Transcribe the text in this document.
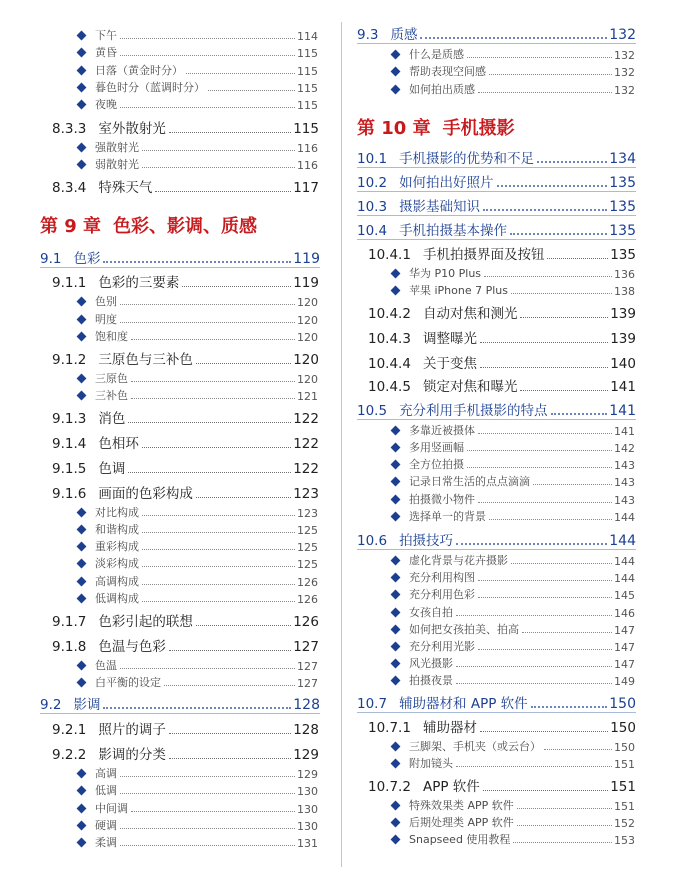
下午	114
黄昏	115
日落（黄金时分）	115
暮色时分（蓝调时分）	115
夜晚	115
8.3.3 室外散射光	115
强散射光	116
弱散射光	116
8.3.4 特殊天气	117
第 9 章 色彩、影调、质感
9.1 色彩	119
9.1.1 色彩的三要素	119
色别	120
明度	120
饱和度	120
9.1.2 三原色与三补色	120
三原色	120
三补色	121
9.1.3 消色	122
9.1.4 色相环	122
9.1.5 色调	122
9.1.6 画面的色彩构成	123
对比构成	123
和谐构成	125
重彩构成	125
淡彩构成	125
高调构成	126
低调构成	126
9.1.7 色彩引起的联想	126
9.1.8 色温与色彩	127
色温	127
白平衡的设定	127
9.2 影调	128
9.2.1 照片的调子	128
9.2.2 影调的分类	129
高调	129
低调	130
中间调	130
硬调	130
柔调	131
9.3 质感	132
什么是质感	132
帮助表现空间感	132
如何拍出质感	132
第 10 章 手机摄影
10.1 手机摄影的优势和不足	134
10.2 如何拍出好照片	135
10.3 摄影基础知识	135
10.4 手机拍摄基本操作	135
10.4.1 手机拍摄界面及按钮	135
华为 P10 Plus	136
苹果 iPhone 7 Plus	138
10.4.2 自动对焦和测光	139
10.4.3 调整曝光	139
10.4.4 关于变焦	140
10.4.5 锁定对焦和曝光	141
10.5 充分利用手机摄影的特点	141
多靠近被摄体	141
多用竖画幅	142
全方位拍摄	143
记录日常生活的点点滴滴	143
拍摄微小物件	143
选择单一的背景	144
10.6 拍摄技巧	144
虚化背景与花卉摄影	144
充分利用构图	144
充分利用色彩	145
女孩自拍	146
如何把女孩拍美、拍高	147
充分利用光影	147
风光摄影	147
拍摄夜景	149
10.7 辅助器材和 APP 软件	150
10.7.1 辅助器材	150
三脚架、手机夹（或云台）	150
附加镜头	151
10.7.2 APP 软件	151
特殊效果类 APP 软件	151
后期处理类 APP 软件	152
Snapseed 使用教程	153
